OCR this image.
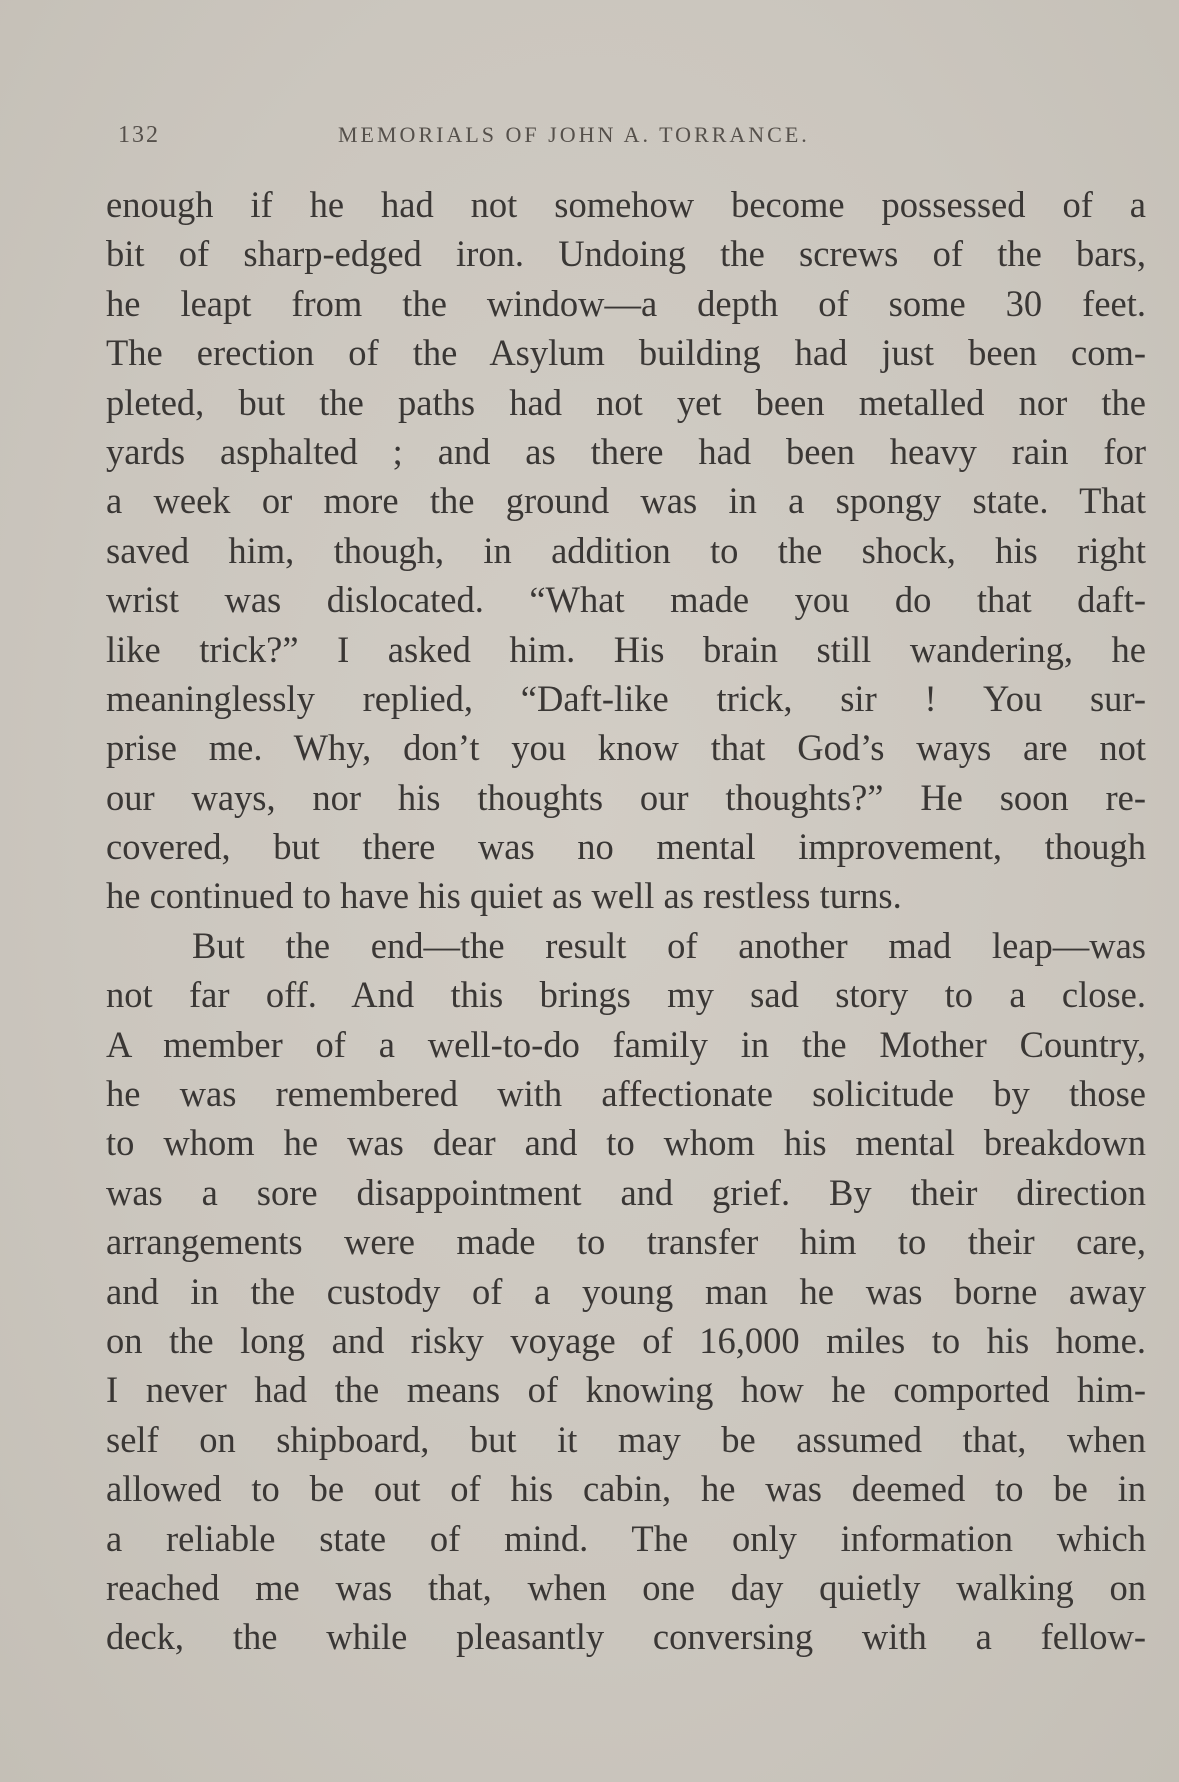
132	MEMORIALS OF JOHN A. TORRANCE.
enough if he had not somehow become possessed of a
bit of sharp-edged iron. Undoing the screws of the bars,
he leapt from the window—a depth of some 30 feet.
The erection of the Asylum building had just been com-
pleted, but the paths had not yet been metalled nor the
yards asphalted ; and as there had been heavy rain for
a week or more the ground was in a spongy state. That
saved him, though, in addition to the shock, his right
wrist was dislocated. “What made you do that daft-
like trick?” I asked him. His brain still wandering, he
meaninglessly replied, “Daft-like trick, sir ! You sur-
prise me. Why, don’t you know that God’s ways are not
our ways, nor his thoughts our thoughts?” He soon re-
covered, but there was no mental improvement, though
he continued to have his quiet as well as restless turns.
But the end—the result of another mad leap—was
not far off. And this brings my sad story to a close.
A member of a well-to-do family in the Mother Country,
he was remembered with affectionate solicitude by those
to whom he was dear and to whom his mental breakdown
was a sore disappointment and grief. By their direction
arrangements were made to transfer him to their care,
and in the custody of a young man he was borne away
on the long and risky voyage of 16,000 miles to his home.
I never had the means of knowing how he comported him-
self on shipboard, but it may be assumed that, when
allowed to be out of his cabin, he was deemed to be in
a reliable state of mind. The only information which
reached me was that, when one day quietly walking on
deck, the while pleasantly conversing with a fellow-
